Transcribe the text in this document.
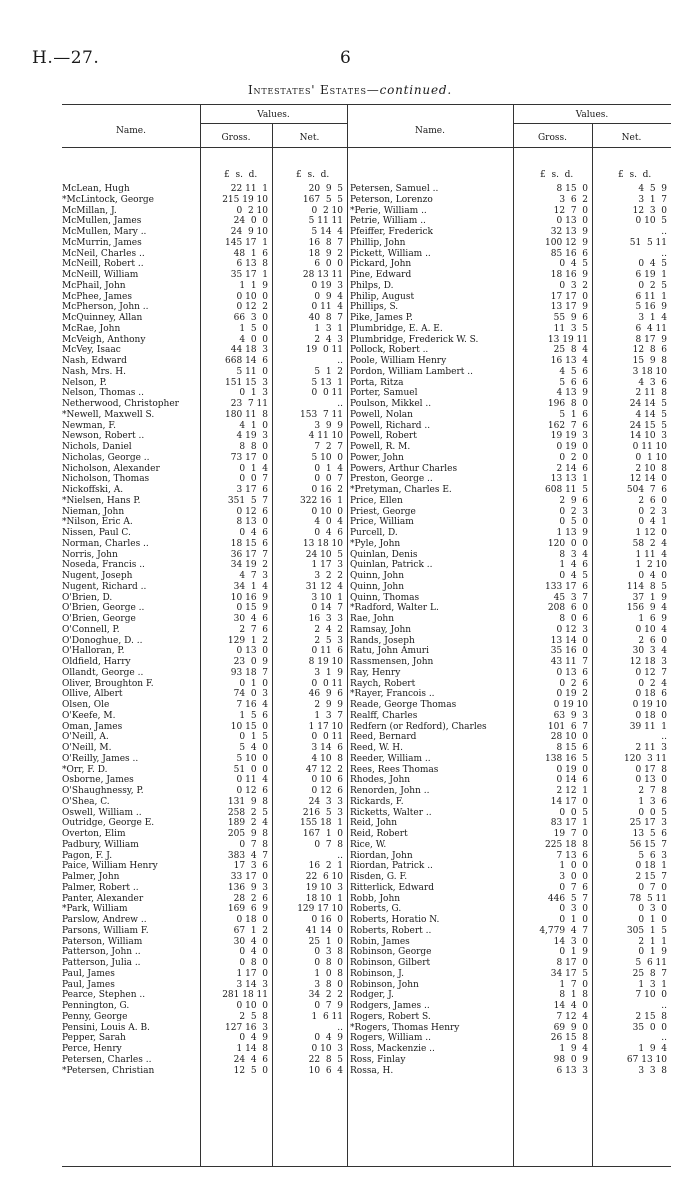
H.—27.	6
Intestates' Estates—continued.
Name.
Values.
Gross.	Net.
Name.
Values.
Gross.	Net.
£  s.  d.	£  s.  d.	£  s.  d.	£  s.  d.
McLean, Hugh	22 11  1	20  9  5
*McLintock, George	215 19 10	167  5  5
McMillan, J.	0  2 10	0  2 10
McMullen, James	24  0  0	5 11 11
McMullen, Mary ..	24  9 10	5 14  4
McMurrin, James	145 17  1	16  8  7
McNeil, Charles ..	48  1  6	18  9  2
McNeill, Robert ..	6 13  8	6  0  0
McNeill, William	35 17  1	28 13 11
McPhail, John	1  1  9	0 19  3
McPhee, James	0 10  0	0  9  4
McPherson, John ..	0 12  2	0 11  4
McQuinney, Allan	66  3  0	40  8  7
McRae, John	1  5  0	1  3  1
McVeigh, Anthony	4  0  0	2  4  3
McVey, Isaac	44 18  3	19  0 11
Nash, Edward	668 14  6	..
Nash, Mrs. H.	5 11  0	5  1  2
Nelson, P.	151 15  3	5 13  1
Nelson, Thomas ..	0  1  3	0  0 11
Netherwood, Christopher	23  7 11	..
*Newell, Maxwell S.	180 11  8	153  7 11
Newman, F.	4  1  0	3  9  9
Newson, Robert ..	4 19  3	4 11 10
Nichols, Daniel	8  8  0	7  2  7
Nicholas, George ..	73 17  0	5 10  0
Nicholson, Alexander	0  1  4	0  1  4
Nicholson, Thomas	0  0  7	0  0  7
Nickoffski, A.	3 17  6	0 16  2
*Nielsen, Hans P.	351  5  7	322 16  1
Nieman, John	0 12  6	0 10  0
*Nilson, Eric A.	8 13  0	4  0  4
Nissen, Paul C.	0  4  6	0  4  6
Norman, Charles ..	18 15  6	13 18 10
Norris, John	36 17  7	24 10  5
Noseda, Francis ..	34 19  2	1 17  3
Nugent, Joseph	4  7  3	3  2  2
Nugent, Richard ..	34  1  4	31 12  4
O'Brien, D.	10 16  9	3 10  1
O'Brien, George ..	0 15  9	0 14  7
O'Brien, George	30  4  6	16  3  3
O'Connell, P.	2  7  6	2  4  2
O'Donoghue, D. ..	129  1  2	2  5  3
O'Halloran, P.	0 13  0	0 11  6
Oldfield, Harry	23  0  9	8 19 10
Ollandt, George ..	93 18  7	3  1  9
Oliver, Broughton F.	0  1  0	0  0 11
Ollive, Albert	74  0  3	46  9  6
Olsen, Ole	7 16  4	2  9  9
O'Keefe, M.	1  5  6	1  3  7
Oman, James	10 15  0	1 17 10
O'Neill, A.	0  1  5	0  0 11
O'Neill, M.	5  4  0	3 14  6
O'Reilly, James ..	5 10  0	4 10  8
*Orr, F. D.	51  0  0	47 12  2
Osborne, James	0 11  4	0 10  6
O'Shaughnessy, P.	0 12  6	0 12  6
O'Shea, C.	131  9  8	24  3  3
Oswell, William ..	258  2  5	216  5  3
Outridge, George E.	189  2  4	155 18  1
Overton, Elim	205  9  8	167  1  0
Padbury, William	0  7  8	0  7  8
Pagon, F. J.	383  4  7	..
Paice, William Henry	17  3  6	16  2  1
Palmer, John	33 17  0	22  6 10
Palmer, Robert ..	136  9  3	19 10  3
Panter, Alexander	28  2  6	18 10  1
*Park, William	169  6  9	129 17 10
Parslow, Andrew ..	0 18  0	0 16  0
Parsons, William F.	67  1  2	41 14  0
Paterson, William	30  4  0	25  1  0
Patterson, John ..	0  4  0	0  3  8
Patterson, Julia ..	0  8  0	0  8  0
Paul, James	1 17  0	1  0  8
Paul, James	3 14  3	3  8  0
Pearce, Stephen ..	281 18 11	34  2  2
Pennington, G.	0 10  0	0  7  9
Penny, George	2  5  8	1  6 11
Pensini, Louis A. B.	127 16  3	..
Pepper, Sarah	0  4  9	0  4  9
Perce, Henry	1 14  8	0 10  3
Petersen, Charles ..	24  4  6	22  8  5
*Petersen, Christian	12  5  0	10  6  4
Petersen, Samuel ..	8 15  0	4  5  9
Peterson, Lorenzo	3  6  2	3  1  7
*Perie, William ..	12  7  0	12  3  0
Petrie, William ..	0 13  0	0 10  5
Pfeiffer, Frederick	32 13  9	..
Phillip, John	100 12  9	51  5 11
Pickett, William ..	85 16  6	..
Pickard, John	0  4  5	0  4  5
Pine, Edward	18 16  9	6 19  1
Philps, D.	0  3  2	0  2  5
Philip, August	17 17  0	6 11  1
Phillips, S.	13 17  9	5 16  9
Pike, James P.	55  9  6	3  1  4
Plumbridge, E. A. E.	11  3  5	6  4 11
Plumbridge, Frederick W. S.	13 19 11	8 17  9
Pollock, Robert ..	25  8  4	12  8  6
Poole, William Henry	16 13  4	15  9  8
Pordon, William Lambert ..	4  5  6	3 18 10
Porta, Ritza	5  6  6	4  3  6
Porter, Samuel	4 13  9	2 11  8
Poulson, Mikkel ..	196  8  0	24 14  5
Powell, Nolan	5  1  6	4 14  5
Powell, Richard ..	162  7  6	24 15  5
Powell, Robert	19 19  3	14 10  3
Powell, R. M.	0 19  0	0 11 10
Power, John	0  2  0	0  1 10
Powers, Arthur Charles	2 14  6	2 10  8
Preston, George ..	13 13  1	12 14  0
*Pretyman, Charles E.	608 11  5	504  7  6
Price, Ellen	2  9  6	2  6  0
Priest, George	0  2  3	0  2  3
Price, William	0  5  0	0  4  1
Purcell, D.	1 13  9	1 12  0
*Pyle, John	120  0  0	58  2  4
Quinlan, Denis	8  3  4	1 11  4
Quinlan, Patrick ..	1  4  6	1  2 10
Quinn, John	0  4  5	0  4  0
Quinn, John	133 17  6	114  8  5
Quinn, Thomas	45  3  7	37  1  9
*Radford, Walter L.	208  6  0	156  9  4
Rae, John	8  0  6	1  6  9
Ramsay, John	0 12  3	0 10  4
Rands, Joseph	13 14  0	2  6  0
Ratu, John Amuri	35 16  0	30  3  4
Rassmensen, John	43 11  7	12 18  3
Ray, Henry	0 13  6	0 12  7
Raych, Robert	0  2  6	0  2  4
*Rayer, Francois ..	0 19  2	0 18  6
Reade, George Thomas	0 19 10	0 19 10
Realff, Charles	63  9  3	0 18  0
Redfern (or Redford), Charles	101  6  7	39 11  1
Reed, Bernard	28 10  0	..
Reed, W. H.	8 15  6	2 11  3
Reeder, William ..	138 16  5	120  3 11
Rees, Rees Thomas	0 19  0	0 17  8
Rhodes, John	0 14  6	0 13  0
Renorden, John ..	2 12  1	2  7  8
Rickards, F.	14 17  0	1  3  6
Ricketts, Walter ..	0  0  5	0  0  5
Reid, John	83 17  1	25 17  3
Reid, Robert	19  7  0	13  5  6
Rice, W.	225 18  8	56 15  7
Riordan, John	7 13  6	5  6  3
Riordan, Patrick ..	1  0  0	0 18  1
Risden, G. F.	3  0  0	2 15  7
Ritterlick, Edward	0  7  6	0  7  0
Robb, John	446  5  7	78  5 11
Roberts, G.	0  3  0	0  3  0
Roberts, Horatio N.	0  1  0	0  1  0
Roberts, Robert ..	4,779  4  7	305  1  5
Robin, James	14  3  0	2  1  1
Robinson, George	0  1  9	0  1  9
Robinson, Gilbert	8 17  0	5  6 11
Robinson, J.	34 17  5	25  8  7
Robinson, John	1  7  0	1  3  1
Rodger, J.	8  1  8	7 10  0
Rodgers, James ..	14  4  0	..
Rogers, Robert S.	7 12  4	2 15  8
*Rogers, Thomas Henry	69  9  0	35  0  0
Rogers, William ..	26 15  8	..
Ross, Mackenzie ..	1  9  4	1  9  4
Ross, Finlay	98  0  9	67 13 10
Rossa, H.	6 13  3	3  3  8
